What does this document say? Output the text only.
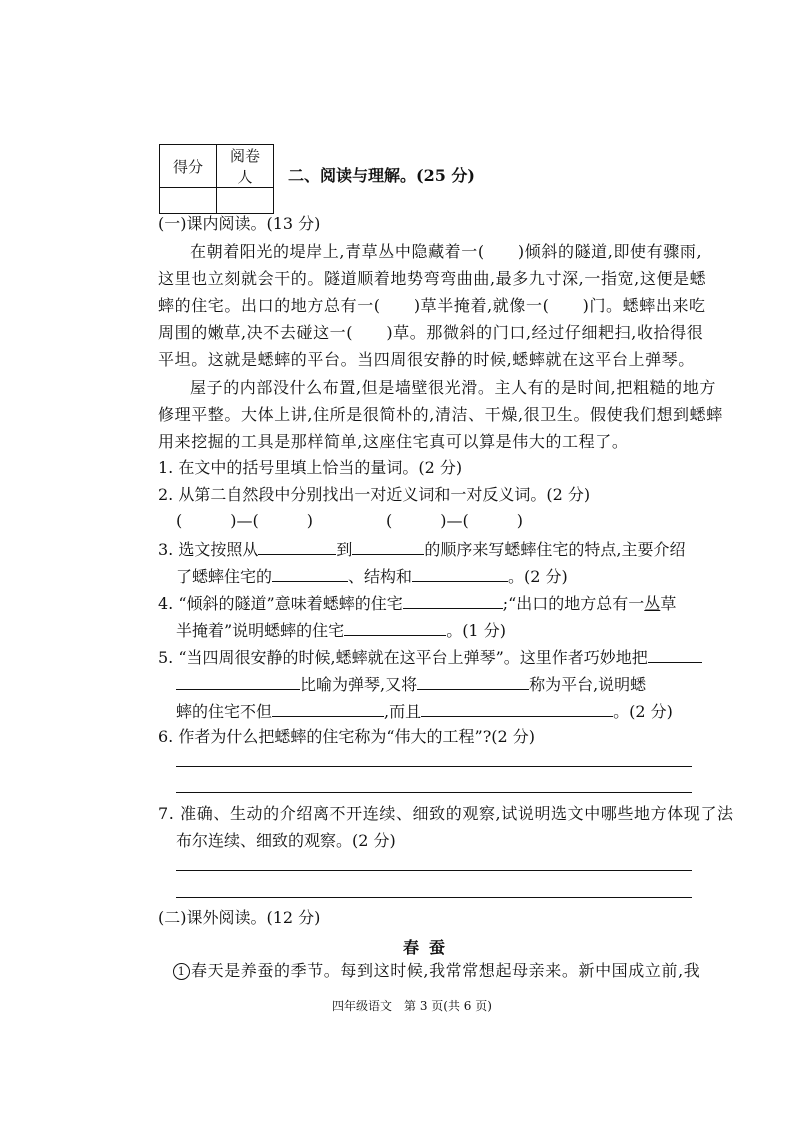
得分	阅卷人
	二、阅读与理解。(25 分)
(一)课内阅读。(13 分)
在朝着阳光的堤岸上,青草丛中隐藏着一(　　)倾斜的隧道,即使有骤雨,
这里也立刻就会干的。隧道顺着地势弯弯曲曲,最多九寸深,一指宽,这便是蟋
蟀的住宅。出口的地方总有一(　　)草半掩着,就像一(　　)门。蟋蟀出来吃
周围的嫩草,决不去碰这一(　　)草。那微斜的门口,经过仔细耙扫,收拾得很
平坦。这就是蟋蟀的平台。当四周很安静的时候,蟋蟀就在这平台上弹琴。
屋子的内部没什么布置,但是墙壁很光滑。主人有的是时间,把粗糙的地方
修理平整。大体上讲,住所是很简朴的,清洁、干燥,很卫生。假使我们想到蟋蟀
用来挖掘的工具是那样简单,这座住宅真可以算是伟大的工程了。
1. 在文中的括号里填上恰当的量词。(2 分)
2. 从第二自然段中分别找出一对近义词和一对反义词。(2 分)
(　　　)—(　　　)	(　　　)—(　　　)
3. 选文按照从	到	的顺序来写蟋蟀住宅的特点,主要介绍
了蟋蟀住宅的	、结构和	。(2 分)
4. “倾斜的隧道”意味着蟋蟀的住宅	;“出口的地方总有一丛草
半掩着”说明蟋蟀的住宅	。(1 分)
5. “当四周很安静的时候,蟋蟀就在这平台上弹琴”。这里作者巧妙地把
比喻为弹琴,又将	称为平台,说明蟋
蟀的住宅不但	,而且	。(2 分)
6. 作者为什么把蟋蟀的住宅称为“伟大的工程”?(2 分)
7. 准确、生动的介绍离不开连续、细致的观察,试说明选文中哪些地方体现了法
布尔连续、细致的观察。(2 分)
(二)课外阅读。(12 分)
春蚕
1 春天是养蚕的季节。每到这时候,我常常想起母亲来。新中国成立前,我
四年级语文　第 3 页(共 6 页)
